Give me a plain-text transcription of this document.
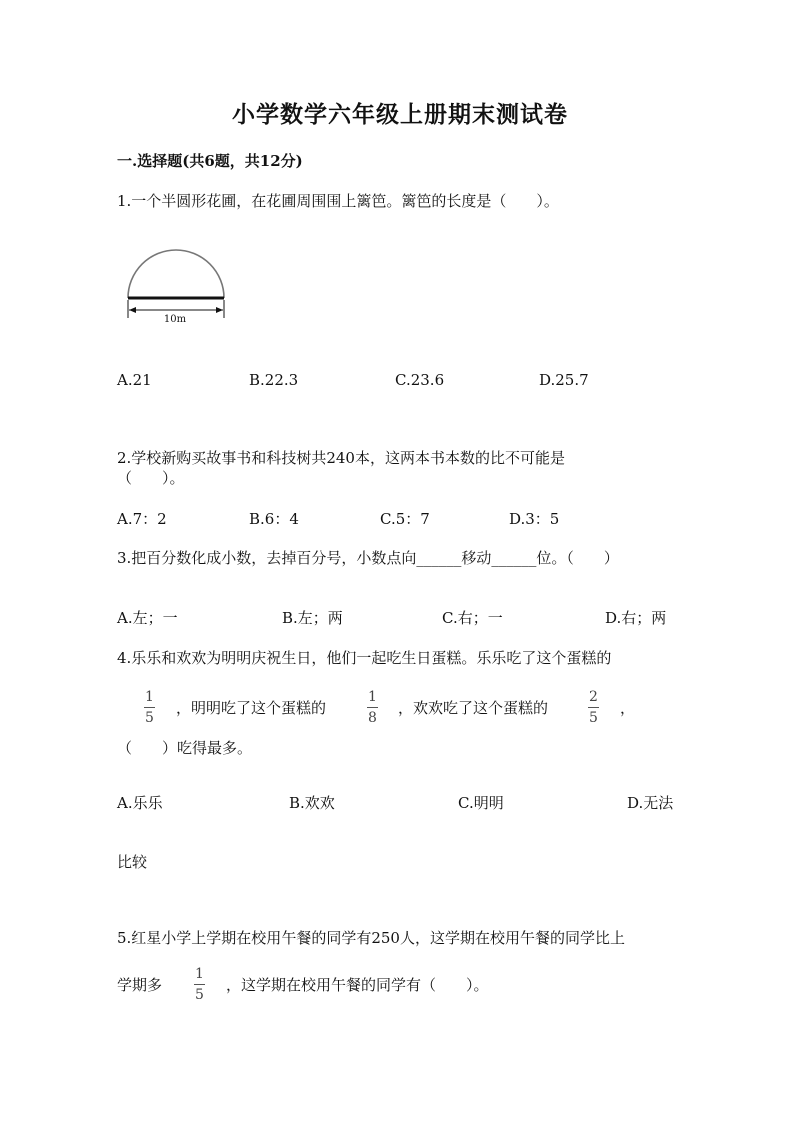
小学数学六年级上册期末测试卷
一.选择题(共6题，共12分)
1.一个半圆形花圃，在花圃周围围上篱笆。篱笆的长度是（　　）。
10m
A.21	B.22.3	C.23.6	D.25.7
2.学校新购买故事书和科技树共240本，这两本书本数的比不可能是
（　　）。
A.7：2	B.6：4	C.5：7	D.3：5
3.把百分数化成小数，去掉百分号，小数点向______移动______位。（　　）
A.左；一	B.左；两	C.右；一	D.右；两
4.乐乐和欢欢为明明庆祝生日，他们一起吃生日蛋糕。乐乐吃了这个蛋糕的
1
5
，明明吃了这个蛋糕的
1
8
，欢欢吃了这个蛋糕的
2
5
，
（　　）吃得最多。
A.乐乐	B.欢欢	C.明明	D.无法
比较
5.红星小学上学期在校用午餐的同学有250人，这学期在校用午餐的同学比上
学期多
1
5
，这学期在校用午餐的同学有（　　）。
